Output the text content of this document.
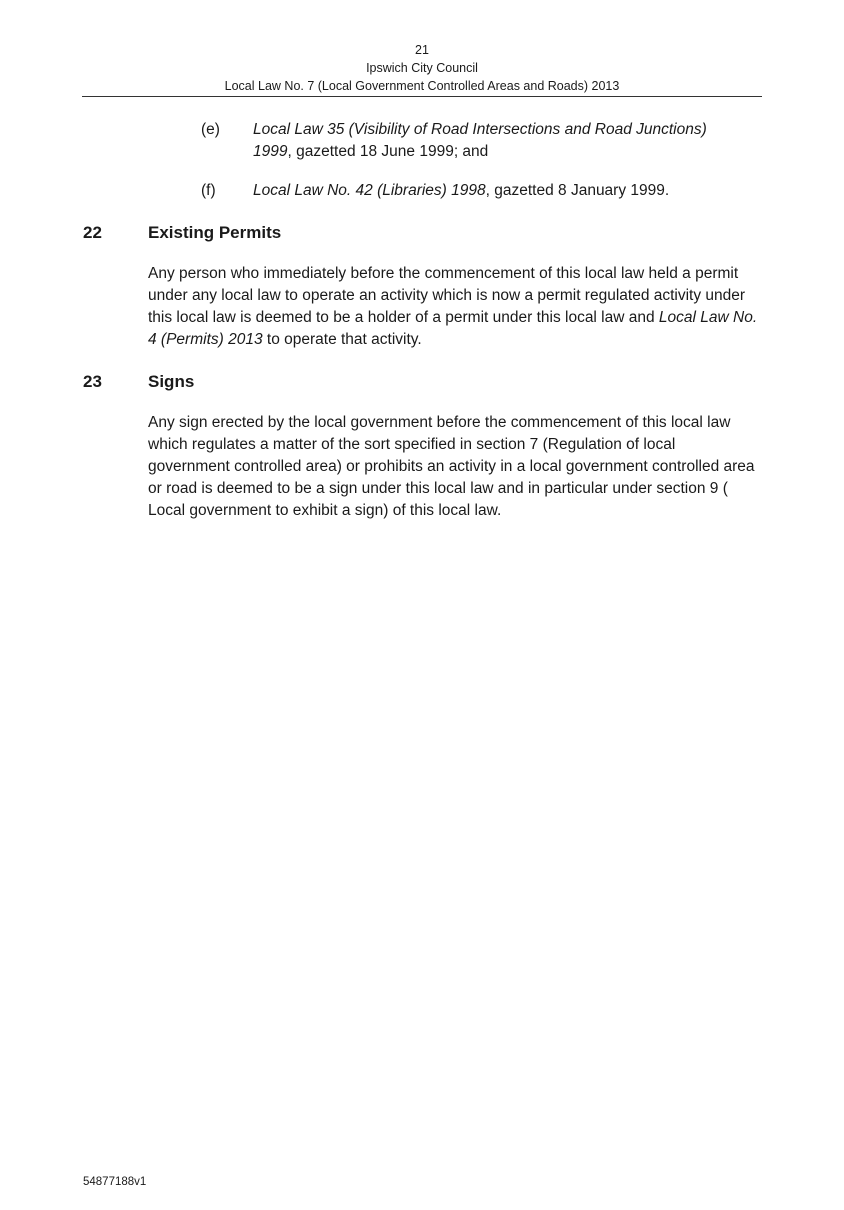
21
Ipswich City Council
Local Law No. 7 (Local Government Controlled Areas and Roads) 2013
(e) Local Law 35 (Visibility of Road Intersections and Road Junctions) 1999, gazetted 18 June 1999; and
(f) Local Law No. 42 (Libraries) 1998, gazetted 8 January 1999.
22	Existing Permits
Any person who immediately before the commencement of this local law held a permit under any local law to operate an activity which is now a permit regulated activity under this local law is deemed to be a holder of a permit under this local law and Local Law No. 4 (Permits) 2013 to operate that activity.
23	Signs
Any sign erected by the local government before the commencement of this local law which regulates a matter of the sort specified in section 7 (Regulation of local government controlled area) or prohibits an activity in a local government controlled area or road is deemed to be a sign under this local law and in particular under section 9 ( Local government to exhibit a sign) of this local law.
54877188v1
